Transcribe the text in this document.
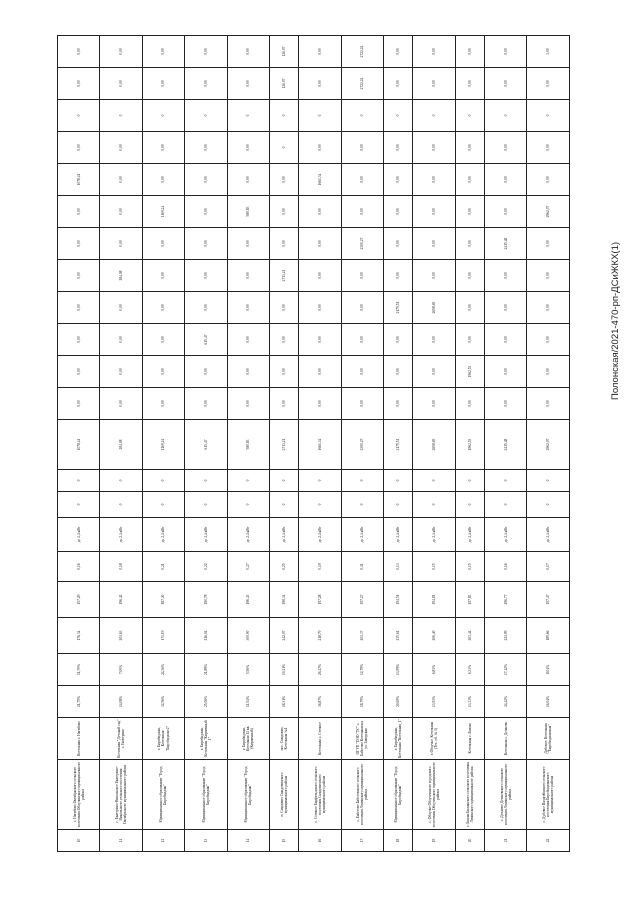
10	с. Нагибово Октябрьского сельского поселения Облучинского муниципального района	Котельная с. Нагибово	21,75%	11,70%	176,34	157,29	0,16	до 2,4 кВт	0	0	1078,41	0,00	0,00	0,00	0,00	0,00	0,00	0,00	1078,41	0,00	0	0,00	0,00	
11	с. Екатерино-Никольское Екатерино-Никольского сельского поселения Октябрьского муниципального района	Котельная "Детский сад" с. Екатерино	14,08%	7,00%	201,63	196,42	0,18	до 2,4 кВт	0	0	284,08	0,00	0,00	0,00	0,00	284,08	0,00	0,00	0,00	0,00	0	0,00	0,00	
12	Муниципальное образование "Город Биробиджан"	г. Биробиджан, Котельная "Биробиджан-2"	32,56%	24,36%	171,19	187,40	0,21	до 2,4 кВт	0	0	1169,24	0,00	0,00	0,00	0,00	0,00	0,00	1169,24	0,00	0,00	0	0,00	0,00	
13	Муниципальное образование "Город Биробиджан"	г. Биробиджан, Котельная "Кирпичный 1"	25,06%	21,89%	216,04	190,78	0,22	до 2,4 кВт	0	0	615,47	0,00	0,00	615,47	0,00	0,00	0,00	0,00	0,00	0,00	0	0,00	0,00	
14	Муниципальное образование "Город Биробиджан"	г. Биробиджан, Котельная 11 кв. (Кирпичный)	11,54%	5,56%	300,00	196,43	0,27	до 2,4 кВт	0	0	580,83	0,00	0,00	0,00	0,00	0,00	0,00	580,83	0,00	0,00	0	0,00	0,00	
15	п. Смидович Смидовичского муниципального района	пос. Смидович, Котельная №1	18,31%	10,21%	242,07	198,34	0,25	до 2,4 кВт	0	0	2713,21	0,00	0,00	0,00	0,00	2713,21	0,00	0,00	0,00	0	0	126,07	126,07	
16	с. Степное Бирфельдского сельского поселения Смидовичского муниципального района	Котельная с. Степное	36,87%	26,47%	218,79	197,28	0,19	до 2,4 кВт	0	0	1661,34	0,00	0,00	0,00	0,00	0,00	0,00	0,00	1661,34	0,00	0	0,00	0,00	
17	с. Бабстово Бабстовского сельского поселения Ленинского муниципального района	ОГУП "ОЭО "ТС" с. Бабстово Котельная на ул. Заводская	18,79%	12,79%	201,37	197,27	0,11	до 2,4 кВт	0	0	2300,27	0,00	0,00	0,00	0,00	0,00	2300,27	0,00	0,00	0,00	0	2722,24	2722,24	
18	Муниципальное образование "Город Биробиджан"	г. Биробиджан, Котельная "Котельная_1"	20,69%	13,99%	235,61	194,51	0,13	до 2,4 кВт	0	0	2179,51	0,00	0,00	0,00	2179,51	0,00	0,00	0,00	0,00	0,00	0	0,00	0,00	
19	с. Облучье Облученского городского поселения Облученского муниципального района	г. Облучье, Котельная (Тех. об. № 1)	13,93%	6,83%	206,40	194,81	0,15	до 2,4 кВт	0	0	2658,65	0,00	0,00	0,00	2658,65	0,00	0,00	0,00	0,00	0,00	0	0,00	0,00	
20	с. Бижан Бижанского сельского поселения Ленинского муниципального района	Котельная с. Бижан	13,33%	6,33%	203,44	197,83	0,15	до 2,4 кВт	0	0	1962,53	0,00	1962,53	0,00	0,00	0,00	0,00	0,00	0,00	0,00	0	0,00	0,00	
21	с. Дежнево Дежневского сельского поселения Ленинского муниципального района	Котельная с. Дежнево	24,42%	17,42%	221,09	196,77	0,16	до 2,4 кВт	0	0	2415,48	0,00	0,00	0,00	0,00	0,00	2415,48	0,00	0,00	0,00	0	0,00	0,00	
22	с. Дубовое Валдгеймского сельского поселения Биробиджанского муниципального района	Дубовое, Котельная "Биробиджанская"	16,04%	8,04%	189,66	197,47	0,17	до 2,4 кВт	0	0	2962,07	0,00	0,00	0,00	0,00	0,00	0,00	2962,07	0,00	0,00	0	0,00	3,00	
Полонская/2021-470-рп-ДСиЖКХ(1)
